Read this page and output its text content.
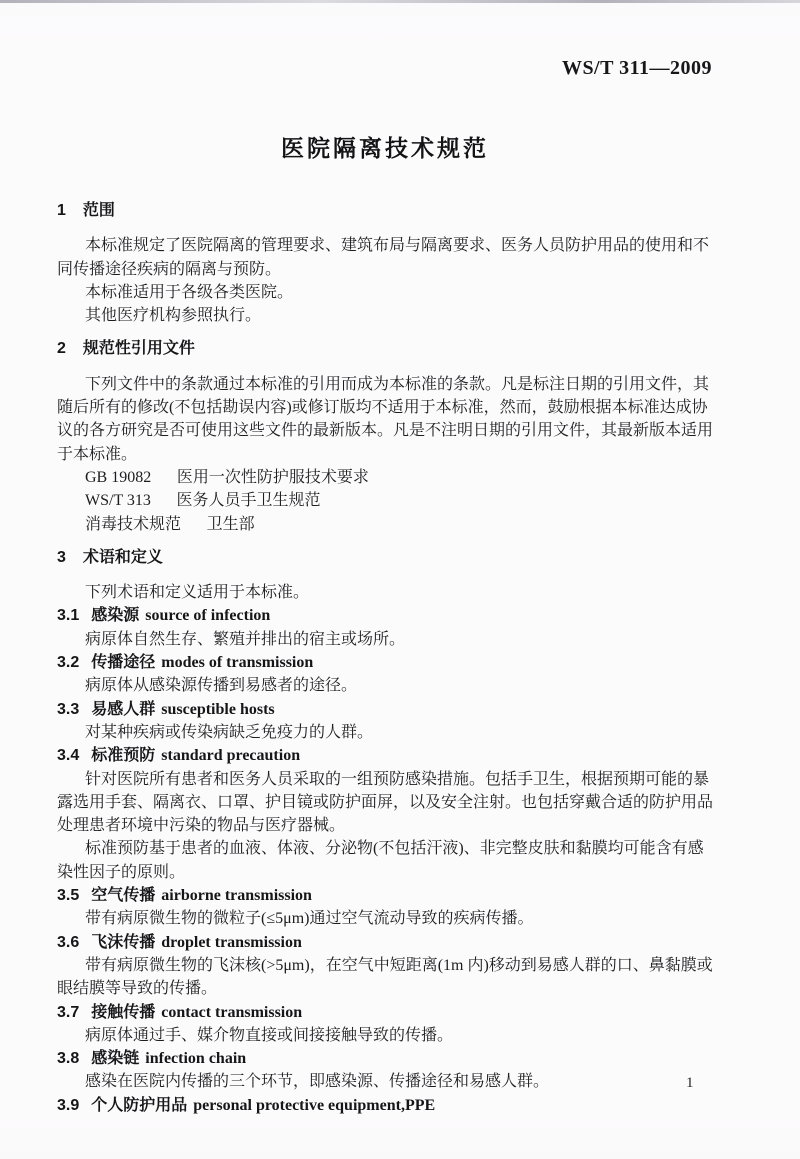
WS/T 311—2009
医院隔离技术规范
1 范围

本标准规定了医院隔离的管理要求、建筑布局与隔离要求、医务人员防护用品的使用和不同传播途径疾病的隔离与预防。

本标准适用于各级各类医院。

其他医疗机构参照执行。

2 规范性引用文件

下列文件中的条款通过本标准的引用而成为本标准的条款。凡是标注日期的引用文件，其随后所有的修改(不包括勘误内容)或修订版均不适用于本标准，然而，鼓励根据本标准达成协议的各方研究是否可使用这些文件的最新版本。凡是不注明日期的引用文件，其最新版本适用于本标准。

GB 19082 医用一次性防护服技术要求

WS/T 313 医务人员手卫生规范

消毒技术规范 卫生部

3 术语和定义

下列术语和定义适用于本标准。

3.1 感染源 source of infection

病原体自然生存、繁殖并排出的宿主或场所。

3.2 传播途径 modes of transmission

病原体从感染源传播到易感者的途径。

3.3 易感人群 susceptible hosts

对某种疾病或传染病缺乏免疫力的人群。

3.4 标准预防 standard precaution

针对医院所有患者和医务人员采取的一组预防感染措施。包括手卫生，根据预期可能的暴露选用手套、隔离衣、口罩、护目镜或防护面屏，以及安全注射。也包括穿戴合适的防护用品处理患者环境中污染的物品与医疗器械。

标准预防基于患者的血液、体液、分泌物(不包括汗液)、非完整皮肤和黏膜均可能含有感染性因子的原则。

3.5 空气传播 airborne transmission

带有病原微生物的微粒子(≤5μm)通过空气流动导致的疾病传播。

3.6 飞沫传播 droplet transmission

带有病原微生物的飞沫核(>5μm)，在空气中短距离(1m 内)移动到易感人群的口、鼻黏膜或眼结膜等导致的传播。

3.7 接触传播 contact transmission

病原体通过手、媒介物直接或间接接触导致的传播。

3.8 感染链 infection chain

感染在医院内传播的三个环节，即感染源、传播途径和易感人群。

3.9 个人防护用品 personal protective equipment,PPE

1
